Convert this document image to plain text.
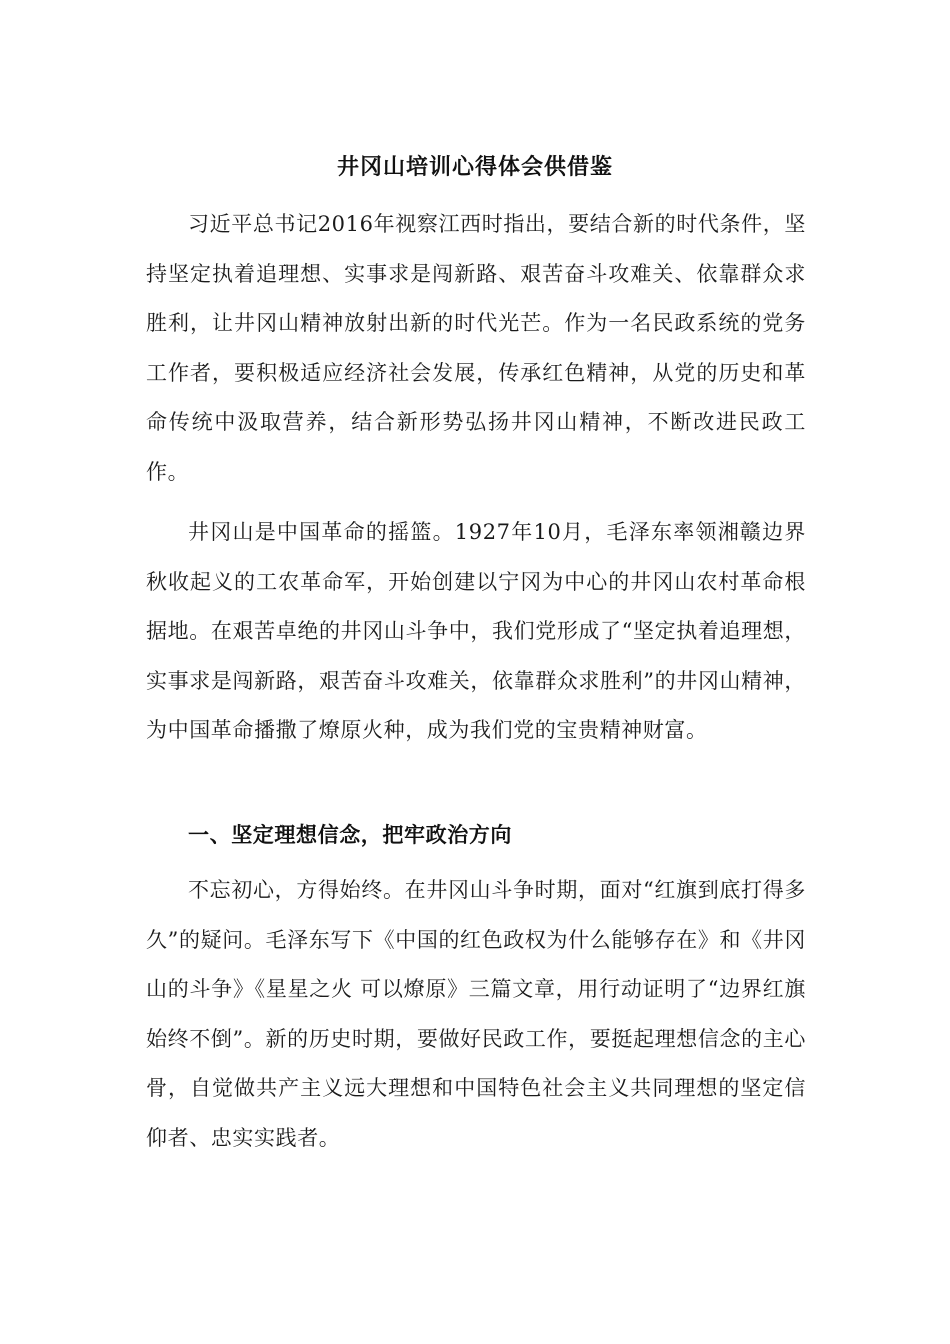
井冈山培训心得体会供借鉴

习近平总书记2016年视察江西时指出，要结合新的时代条件，坚持坚定执着追理想、实事求是闯新路、艰苦奋斗攻难关、依靠群众求胜利，让井冈山精神放射出新的时代光芒。作为一名民政系统的党务工作者，要积极适应经济社会发展，传承红色精神，从党的历史和革命传统中汲取营养，结合新形势弘扬井冈山精神，不断改进民政工作。

井冈山是中国革命的摇篮。1927年10月，毛泽东率领湘赣边界秋收起义的工农革命军，开始创建以宁冈为中心的井冈山农村革命根据地。在艰苦卓绝的井冈山斗争中，我们党形成了“坚定执着追理想，实事求是闯新路，艰苦奋斗攻难关，依靠群众求胜利”的井冈山精神，为中国革命播撒了燎原火种，成为我们党的宝贵精神财富。

一、坚定理想信念，把牢政治方向

不忘初心，方得始终。在井冈山斗争时期，面对“红旗到底打得多久”的疑问。毛泽东写下《中国的红色政权为什么能够存在》和《井冈山的斗争》《星星之火 可以燎原》三篇文章，用行动证明了“边界红旗始终不倒”。新的历史时期，要做好民政工作，要挺起理想信念的主心骨，自觉做共产主义远大理想和中国特色社会主义共同理想的坚定信仰者、忠实实践者。
